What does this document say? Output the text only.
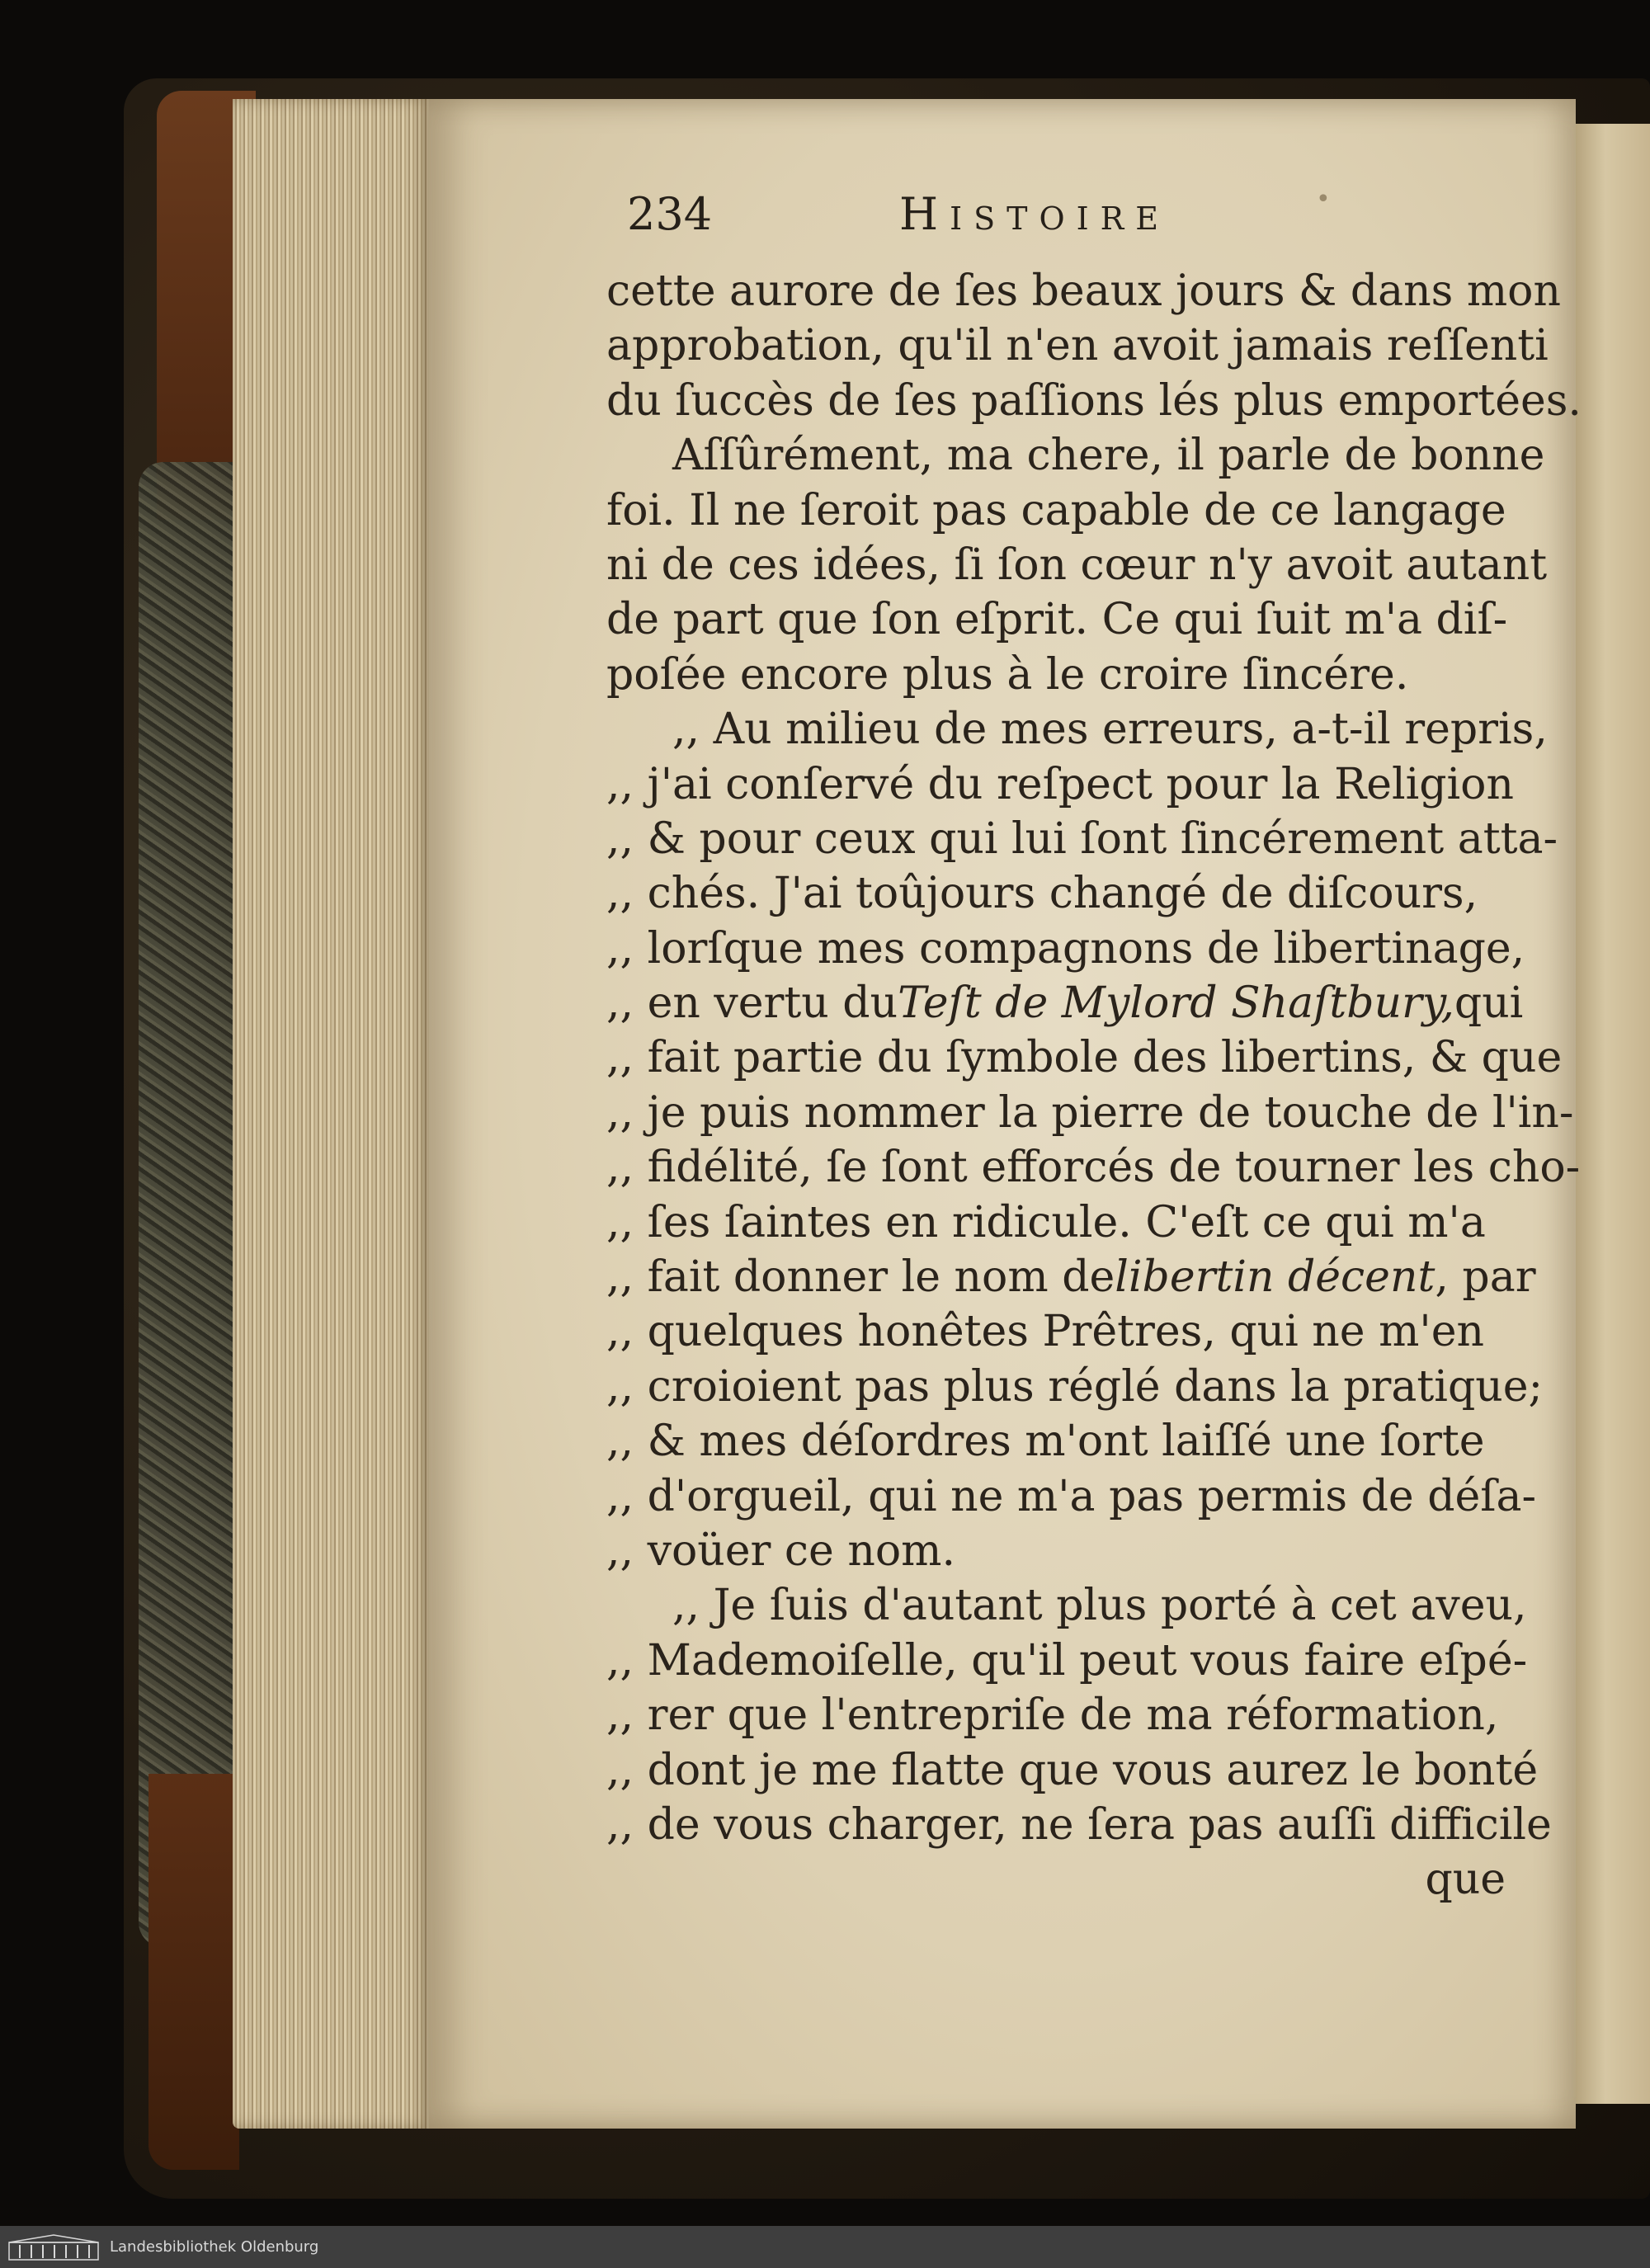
234	Histoire	•
cette aurore de ſes beaux jours & dans mon
approbation, qu'il n'en avoit jamais reſſenti
du ſuccès de ſes paſſions lés plus emportées.
Aſſûrément, ma chere, il parle de bonne
foi. Il ne ſeroit pas capable de ce langage
ni de ces idées, ſi ſon cœur n'y avoit autant
de part que ſon eſprit. Ce qui ſuit m'a diſ-
poſée encore plus à le croire ſincére.
,, Au milieu de mes erreurs, a-t-il repris,
,, j'ai conſervé du reſpect pour la Religion
,, & pour ceux qui lui ſont ſincérement atta-
,, chés. J'ai toûjours changé de diſcours,
,, lorſque mes compagnons de libertinage,
,, en vertu du Teſt de Mylord Shaſtbury, qui
,, fait partie du ſymbole des libertins, & que
,, je puis nommer la pierre de touche de l'in-
,, fidélité, ſe ſont efforcés de tourner les cho-
,, ſes ſaintes en ridicule. C'eſt ce qui m'a
,, fait donner le nom de libertin décent , par
,, quelques honêtes Prêtres, qui ne m'en
,, croioient pas plus réglé dans la pratique;
,, & mes déſordres m'ont laiſſé une ſorte
,, d'orgueil, qui ne m'a pas permis de déſa-
,, voüer ce nom.
,, Je ſuis d'autant plus porté à cet aveu,
,, Mademoiſelle, qu'il peut vous faire eſpé-
,, rer que l'entrepriſe de ma réformation,
,, dont je me flatte que vous aurez le bonté
,, de vous charger, ne ſera pas auſſi difficile
que
Landesbibliothek Oldenburg
